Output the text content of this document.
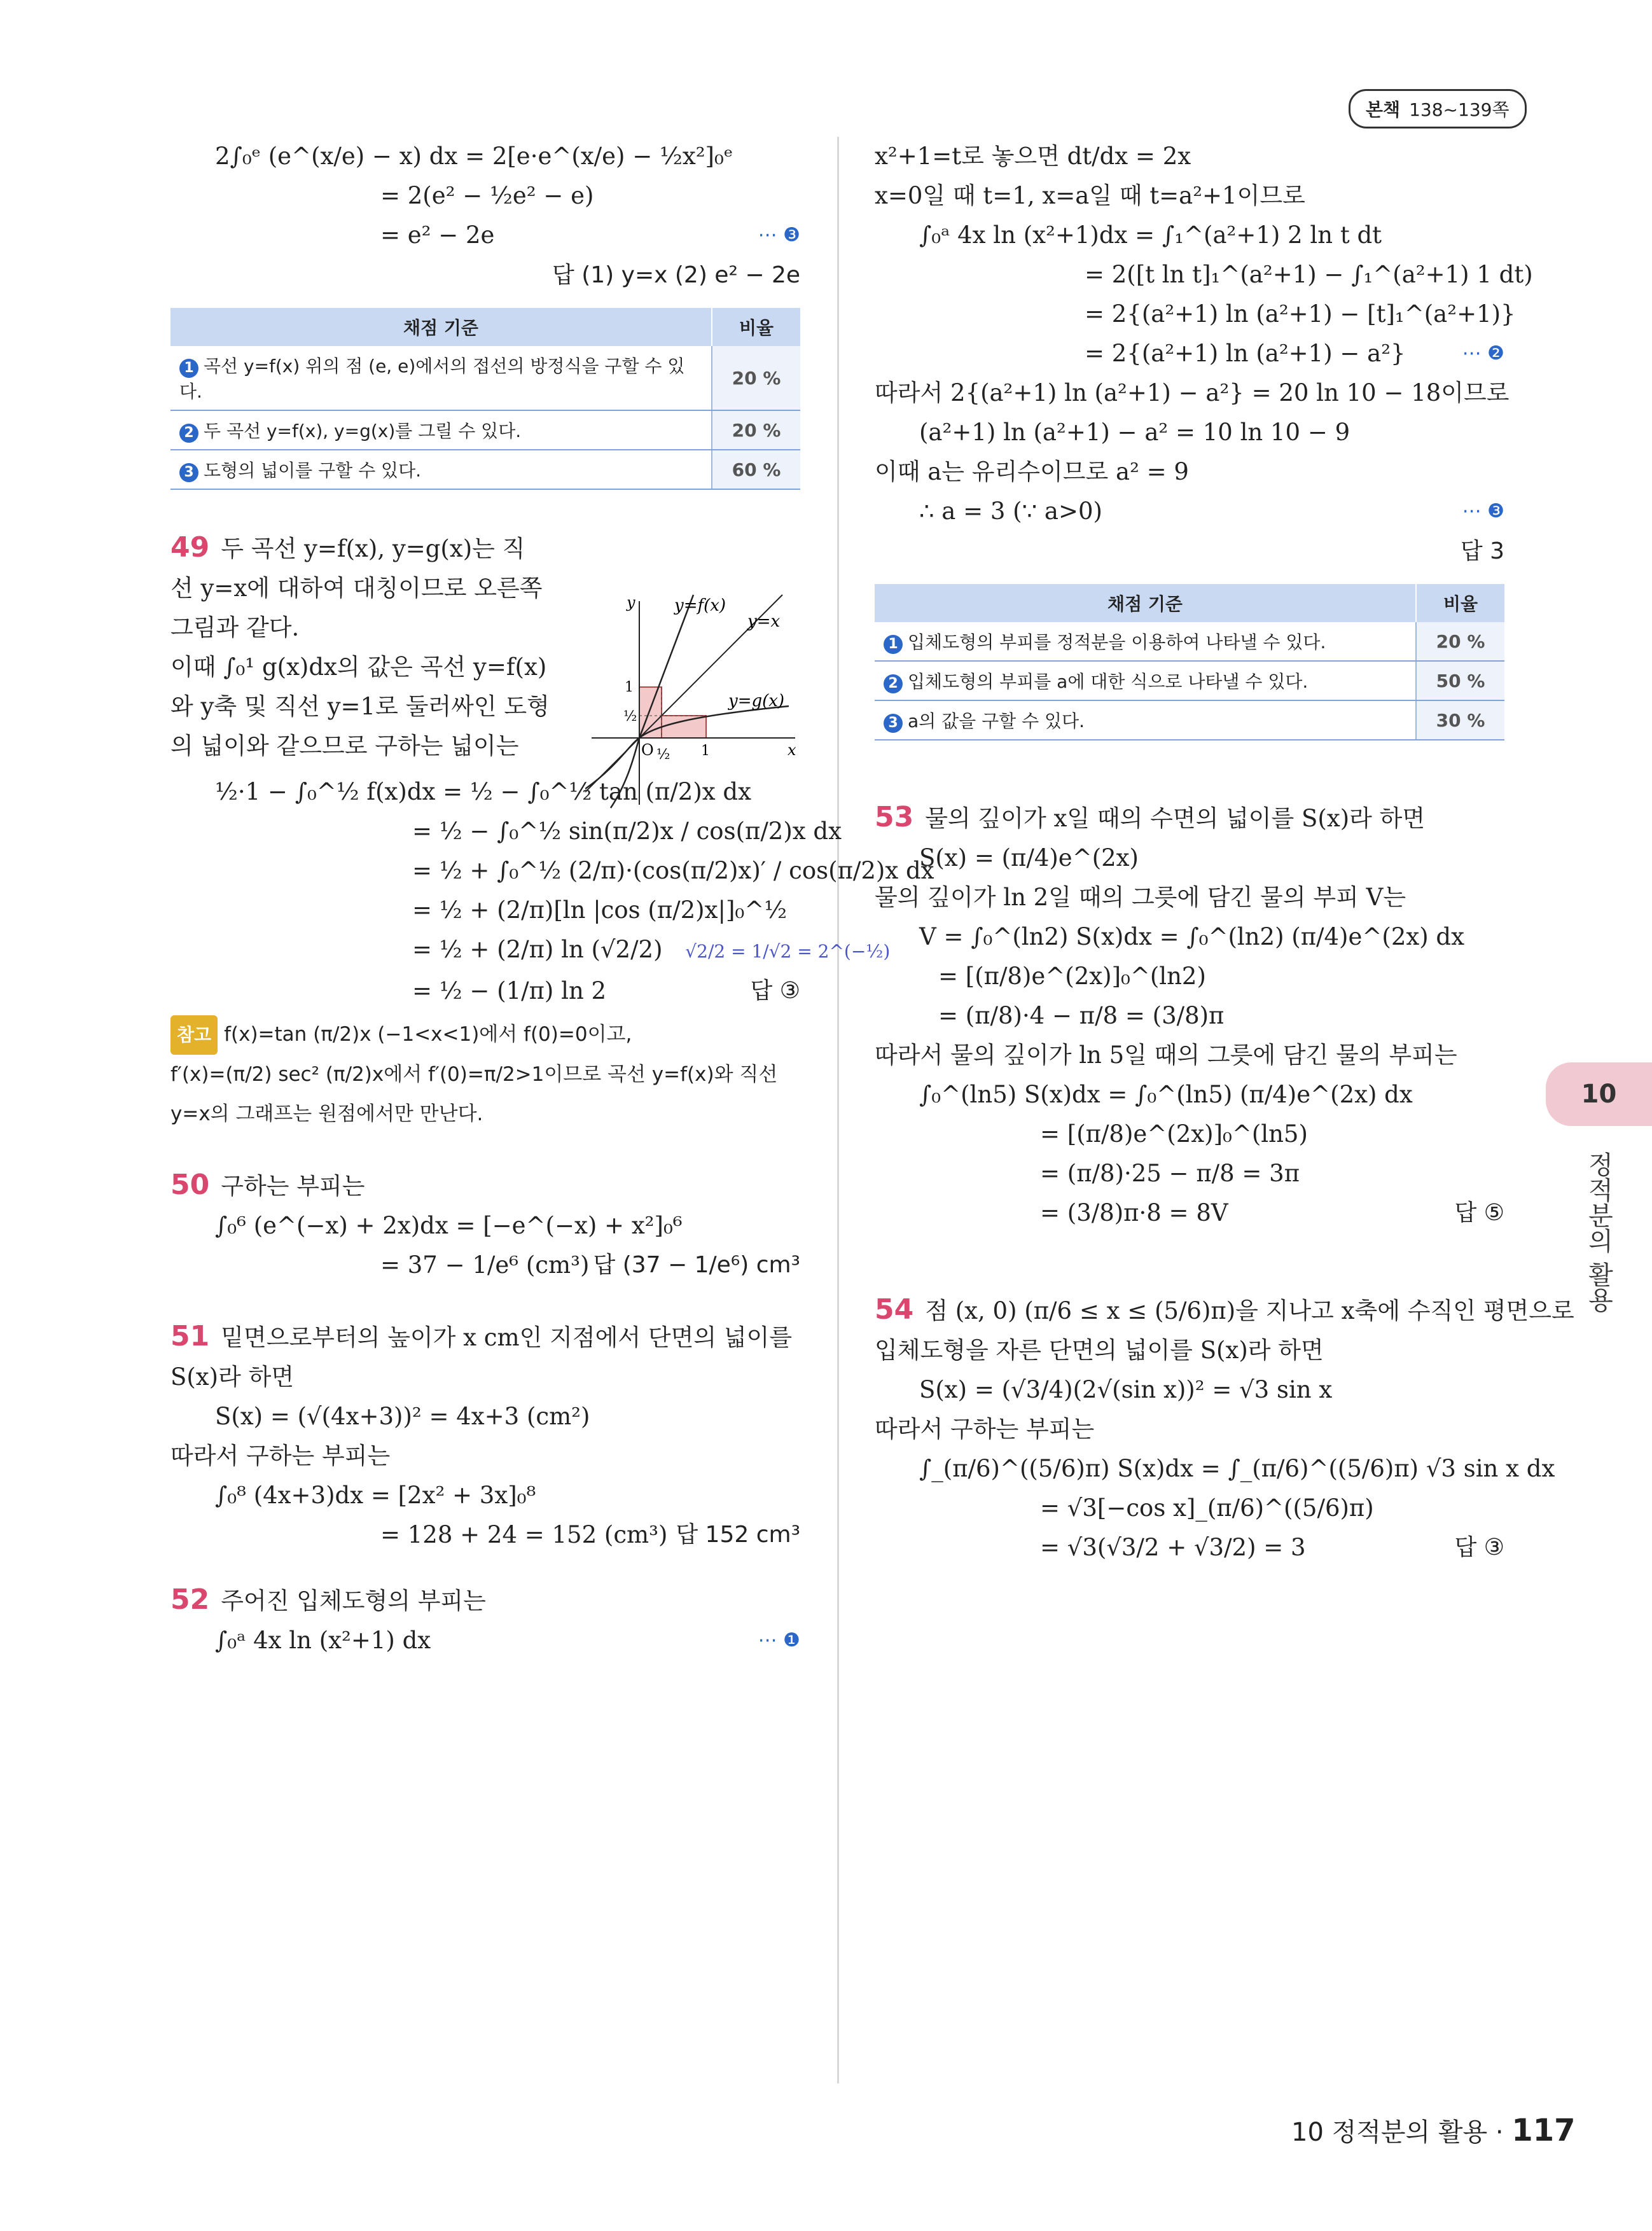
본책 138~139쪽
2∫₀ᵉ (e^(x/e) − x) dx = 2[e·e^(x/e) − ½x²]₀ᵉ
= 2(e² − ½e² − e)
= e² − 2e	⋯ ❸
답 (1) y=x (2) e² − 2e
채점 기준	비율
1 곡선 y=f(x) 위의 점 (e, e)에서의 접선의 방정식을 구할 수 있다.	20 %
2 두 곡선 y=f(x), y=g(x)를 그릴 수 있다.	20 %
3 도형의 넓이를 구할 수 있다.	60 %
49 두 곡선 y=f(x), y=g(x)는 직
선 y=x에 대하여 대칭이므로 오른쪽
그림과 같다.
이때 ∫₀¹ g(x)dx의 값은 곡선 y=f(x)
와 y축 및 직선 y=1로 둘러싸인 도형
의 넓이와 같으므로 구하는 넓이는
½·1 − ∫₀^½ f(x)dx = ½ − ∫₀^½ tan (π/2)x dx
= ½ − ∫₀^½ sin(π/2)x / cos(π/2)x dx
= ½ + ∫₀^½ (2/π)·(cos(π/2)x)′ / cos(π/2)x dx
= ½ + (2/π)[ln |cos (π/2)x|]₀^½
= ½ + (2/π) ln (√2/2) √2/2 = 1/√2 = 2^(−½)
= ½ − (1/π) ln 2	답 ③
참고 f(x)=tan (π/2)x (−1<x<1)에서 f(0)=0이고,
f′(x)=(π/2) sec² (π/2)x에서 f′(0)=π/2>1이므로 곡선 y=f(x)와 직선
y=x의 그래프는 원점에서만 만난다.
50 구하는 부피는
∫₀⁶ (e^(−x) + 2x)dx = [−e^(−x) + x²]₀⁶
= 37 − 1/e⁶ (cm³) 답 (37 − 1/e⁶) cm³
51 밑면으로부터의 높이가 x cm인 지점에서 단면의 넓이를
S(x)라 하면
S(x) = (√(4x+3))² = 4x+3 (cm²)
따라서 구하는 부피는
∫₀⁸ (4x+3)dx = [2x² + 3x]₀⁸
= 128 + 24 = 152 (cm³) 답 152 cm³
52 주어진 입체도형의 부피는
∫₀ᵃ 4x ln (x²+1) dx	⋯ ❶
y=f(x)
y=x
y=g(x)
y
x
O
1
½
½ 1
x²+1=t로 놓으면 dt/dx = 2x
x=0일 때 t=1, x=a일 때 t=a²+1이므로
∫₀ᵃ 4x ln (x²+1)dx = ∫₁^(a²+1) 2 ln t dt
= 2([t ln t]₁^(a²+1) − ∫₁^(a²+1) 1 dt)
= 2{(a²+1) ln (a²+1) − [t]₁^(a²+1)}
= 2{(a²+1) ln (a²+1) − a²}	⋯ ❷
따라서 2{(a²+1) ln (a²+1) − a²} = 20 ln 10 − 18이므로
(a²+1) ln (a²+1) − a² = 10 ln 10 − 9
이때 a는 유리수이므로 a² = 9
∴ a = 3 (∵ a>0)	⋯ ❸
답 3
채점 기준	비율
1 입체도형의 부피를 정적분을 이용하여 나타낼 수 있다.	20 %
2 입체도형의 부피를 a에 대한 식으로 나타낼 수 있다.	50 %
3 a의 값을 구할 수 있다.	30 %
53 물의 깊이가 x일 때의 수면의 넓이를 S(x)라 하면
S(x) = (π/4)e^(2x)
물의 깊이가 ln 2일 때의 그릇에 담긴 물의 부피 V는
V = ∫₀^(ln2) S(x)dx = ∫₀^(ln2) (π/4)e^(2x) dx
= [(π/8)e^(2x)]₀^(ln2)
= (π/8)·4 − π/8 = (3/8)π
따라서 물의 깊이가 ln 5일 때의 그릇에 담긴 물의 부피는
∫₀^(ln5) S(x)dx = ∫₀^(ln5) (π/4)e^(2x) dx
= [(π/8)e^(2x)]₀^(ln5)
= (π/8)·25 − π/8 = 3π
= (3/8)π·8 = 8V	답 ⑤
54 점 (x, 0) (π/6 ≤ x ≤ (5/6)π)을 지나고 x축에 수직인 평면으로
입체도형을 자른 단면의 넓이를 S(x)라 하면
S(x) = (√3/4)(2√(sin x))² = √3 sin x
따라서 구하는 부피는
∫_(π/6)^((5/6)π) S(x)dx = ∫_(π/6)^((5/6)π) √3 sin x dx
= √3[−cos x]_(π/6)^((5/6)π)
= √3(√3/2 + √3/2) = 3	답 ③
10
정적분의 활용
10 정적분의 활용 · 117
